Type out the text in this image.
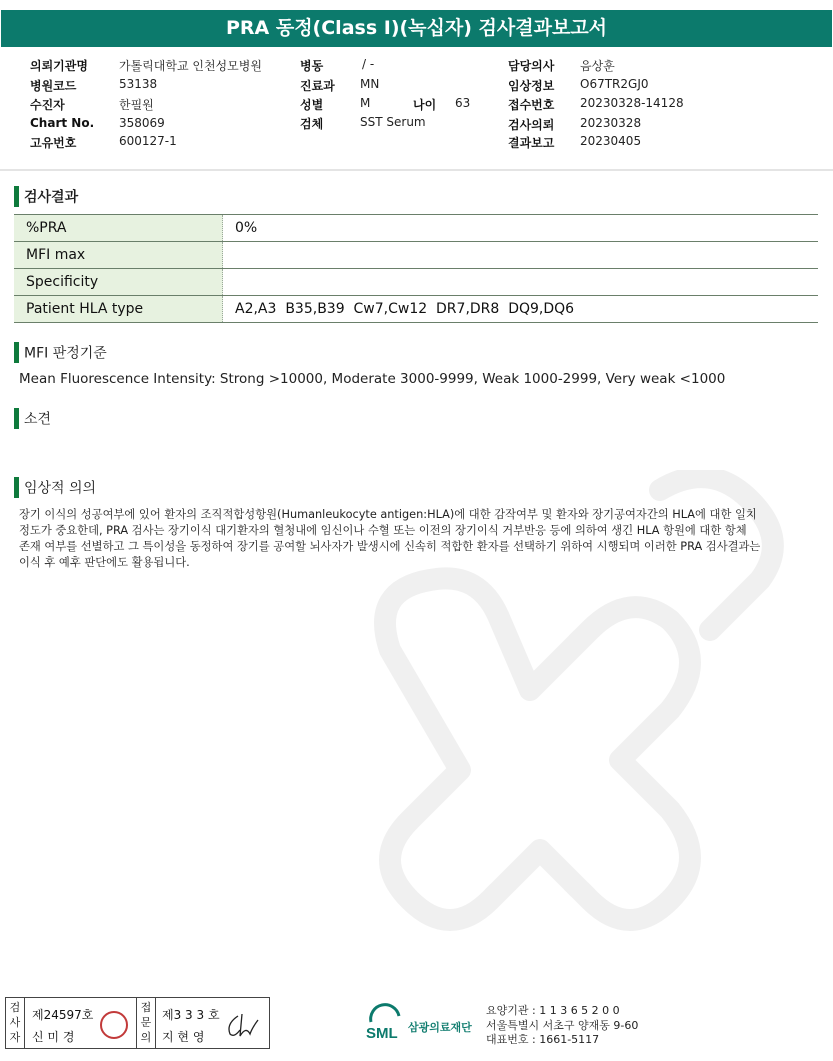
PRA 동정(Class I)(녹십자) 검사결과보고서
의뢰기관명	가톨릭대학교 인천성모병원
병원코드	53138
수진자	한필원
Chart No. 358069
고유번호	600127-1
병동	/ -
진료과 MN
성별	M	나이 63
검체	SST Serum
담당의사 음상훈
임상정보 O67TR2GJ0
접수번호 20230328-14128
검사의뢰 20230328
결과보고 20230405
검사결과
%PRA	0%
MFI max	
Specificity	
Patient HLA type	A2,A3  B35,B39  Cw7,Cw12  DR7,DR8  DQ9,DQ6
MFI 판정기준
Mean Fluorescence Intensity: Strong >10000, Moderate 3000-9999, Weak 1000-2999, Very weak <1000
소견
임상적 의의
장기 이식의 성공여부에 있어 환자의 조직적합성항원(Humanleukocyte antigen:HLA)에 대한 감작여부 및 환자와 장기공여자간의 HLA에 대한 일치
정도가 중요한데, PRA 검사는 장기이식 대기환자의 혈청내에 임신이나 수혈 또는 이전의 장기이식 거부반응 등에 의하여 생긴 HLA 항원에 대한 항체
존재 여부를 선별하고 그 특이성을 동정하여 장기를 공여할 뇌사자가 발생시에 신속히 적합한 환자를 선택하기 위하여 시행되며 이러한 PRA 검사결과는
이식 후 예후 판단에도 활용됩니다.
검사자
제24597호
신 미 경
접문의
제3 3 3 호
지 현 영	SML 삼광의료재단
요양기관 : 1 1 3 6 5 2 0 0
서울특별시 서초구 양재동 9-60
대표번호 : 1661-5117
